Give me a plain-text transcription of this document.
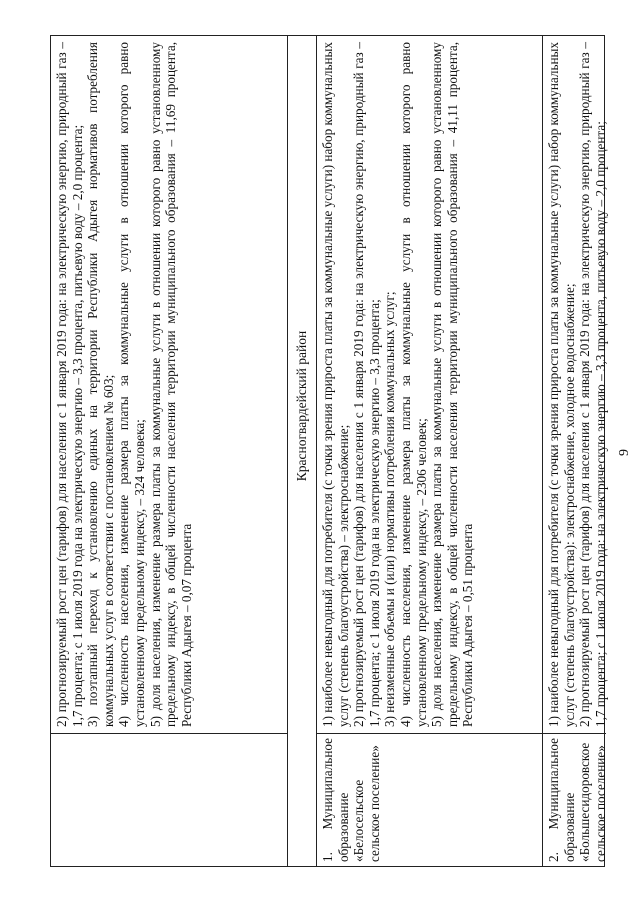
9

2) прогнозируемый рост цен (тарифов) для населения с 1 января 2019 года: на электрическую энергию, природный газ – 1,7 процента; с 1 июля 2019 года на электрическую энергию – 3,3 процента, питьевую воду – 2,0 процента; 3) поэтапный переход к установлению единых на территории Республики Адыгея нормативов потребления коммунальных услуг в соответствии с постановлением № 603; 4) численность населения, изменение размера платы за коммунальные услуги в отношении которого равно установленному предельному индексу, – 324 человека; 5) доля населения, изменение размера платы за коммунальные услуги в отношении которого равно установленному предельному индексу, в общей численности населения территории муниципального образования – 11,69 процента, Республики Адыгея – 0,07 процента

Красногвардейский район
1. Муниципальное образование «Белосельское сельское поселение»

1) наиболее невыгодный для потребителя (с точки зрения прироста платы за коммунальные услуги) набор коммунальных услуг (степень благоустройства) – электроснабжение; 2) прогнозируемый рост цен (тарифов) для населения с 1 января 2019 года: на электрическую энергию, природный газ – 1,7 процента; с 1 июля 2019 года на электрическую энергию – 3,3 процента; 3) неизменные объемы и (или) нормативы потребления коммунальных услуг; 4) численность населения, изменение размера платы за коммунальные услуги в отношении которого равно установленному предельному индексу, – 2306 человек; 5) доля населения, изменение размера платы за коммунальные услуги в отношении которого равно установленному предельному индексу, в общей численности населения территории муниципального образования – 41,11 процента, Республики Адыгея – 0,51 процента

2. Муниципальное образование «Большесидоровское сельское поселение»

1) наиболее невыгодный для потребителя (с точки зрения прироста платы за коммунальные услуги) набор коммунальных услуг (степень благоустройства): электроснабжение, холодное водоснабжение; 2) прогнозируемый рост цен (тарифов) для населения с 1 января 2019 года: на электрическую энергию, природный газ – 1,7 процента; с 1 июля 2019 года: на электрическую энергию – 3,3 процента, питьевую воду – 2,0 процента;
